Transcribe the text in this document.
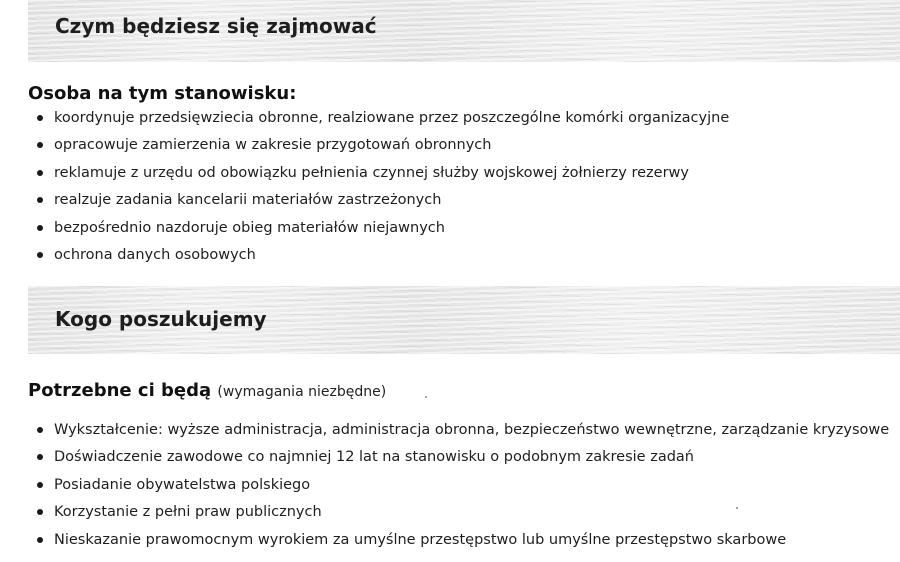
Czym będziesz się zajmować
Osoba na tym stanowisku:
koordynuje przedsięwziecia obronne, realziowane przez poszczególne komórki organizacyjne
opracowuje zamierzenia w zakresie przygotowań obronnych
reklamuje z urzędu od obowiązku pełnienia czynnej służby wojskowej żołnierzy rezerwy
realzuje zadania kancelarii materiałów zastrzeżonych
bezpośrednio nazdoruje obieg materiałów niejawnych
ochrona danych osobowych
Kogo poszukujemy
Potrzebne ci będą (wymagania niezbędne)
Wykształcenie: wyższe administracja, administracja obronna, bezpieczeństwo wewnętrzne, zarządzanie kryzysowe
Doświadczenie zawodowe co najmniej 12 lat na stanowisku o podobnym zakresie zadań
Posiadanie obywatelstwa polskiego
Korzystanie z pełni praw publicznych
Nieskazanie prawomocnym wyrokiem za umyślne przestępstwo lub umyślne przestępstwo skarbowe
